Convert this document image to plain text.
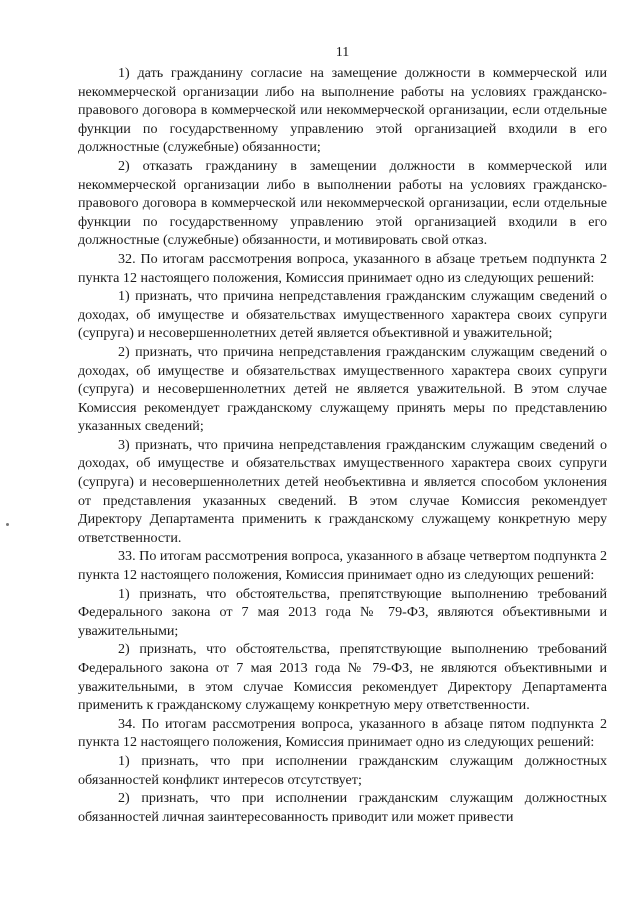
11

1) дать гражданину согласие на замещение должности в коммерческой или некоммерческой организации либо на выполнение работы на условиях гражданско-правового договора в коммерческой или некоммерческой организации, если отдельные функции по государственному управлению этой организацией входили в его должностные (служебные) обязанности;

2) отказать гражданину в замещении должности в коммерческой или некоммерческой организации либо в выполнении работы на условиях гражданско-правового договора в коммерческой или некоммерческой организации, если отдельные функции по государственному управлению этой организацией входили в его должностные (служебные) обязанности, и мотивировать свой отказ.

32. По итогам рассмотрения вопроса, указанного в абзаце третьем подпункта 2 пункта 12 настоящего положения, Комиссия принимает одно из следующих решений:

1) признать, что причина непредставления гражданским служащим сведений о доходах, об имуществе и обязательствах имущественного характера своих супруги (супруга) и несовершеннолетних детей является объективной и уважительной;

2) признать, что причина непредставления гражданским служащим сведений о доходах, об имуществе и обязательствах имущественного характера своих супруги (супруга) и несовершеннолетних детей не является уважительной. В этом случае Комиссия рекомендует гражданскому служащему принять меры по представлению указанных сведений;

3) признать, что причина непредставления гражданским служащим сведений о доходах, об имуществе и обязательствах имущественного характера своих супруги (супруга) и несовершеннолетних детей необъективна и является способом уклонения от представления указанных сведений. В этом случае Комиссия рекомендует Директору Департамента применить к гражданскому служащему конкретную меру ответственности.

33. По итогам рассмотрения вопроса, указанного в абзаце четвертом подпункта 2 пункта 12 настоящего положения, Комиссия принимает одно из следующих решений:

1) признать, что обстоятельства, препятствующие выполнению требований Федерального закона от 7 мая 2013 года № 79-ФЗ, являются объективными и уважительными;

2) признать, что обстоятельства, препятствующие выполнению требований Федерального закона от 7 мая 2013 года № 79-ФЗ, не являются объективными и уважительными, в этом случае Комиссия рекомендует Директору Департамента применить к гражданскому служащему конкретную меру ответственности.

34. По итогам рассмотрения вопроса, указанного в абзаце пятом подпункта 2 пункта 12 настоящего положения, Комиссия принимает одно из следующих решений:

1) признать, что при исполнении гражданским служащим должностных обязанностей конфликт интересов отсутствует;

2) признать, что при исполнении гражданским служащим должностных обязанностей личная заинтересованность приводит или может привести
